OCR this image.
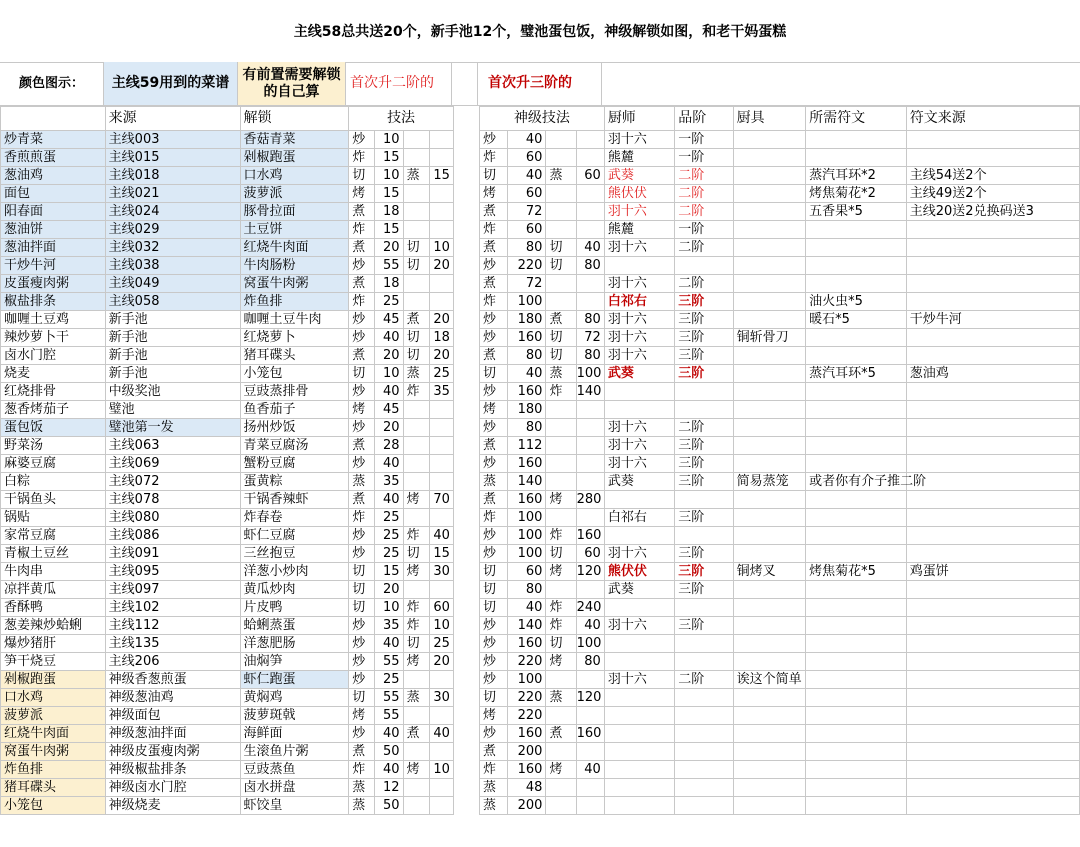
主线58总共送20个，新手池12个，璧池蛋包饭，神级解锁如图，和老干妈蛋糕
颜色图示：	主线59用到的菜谱
有前置需要解锁的自己算
首次升二阶的	首次升三阶的
	来源	解锁	技法					神级技法				厨师	品阶	厨具	所需符文	符文来源
炒青菜	主线003	香菇青菜	炒	10				炒	40			羽十六	一阶			
香煎煎蛋	主线015	剁椒跑蛋	炸	15				炸	60			熊麓	一阶			
葱油鸡	主线018	口水鸡	切	10	蒸	15		切	40	蒸	60	武葵	二阶		蒸汽耳环*2	主线54送2个
面包	主线021	菠萝派	烤	15				烤	60			熊伏伏	二阶		烤焦菊花*2	主线49送2个
阳春面	主线024	豚骨拉面	煮	18				煮	72			羽十六	二阶		五香果*5	主线20送2兑换码送3
葱油饼	主线029	土豆饼	炸	15				炸	60			熊麓	一阶			
葱油拌面	主线032	红烧牛肉面	煮	20	切	10		煮	80	切	40	羽十六	二阶			
干炒牛河	主线038	牛肉肠粉	炒	55	切	20		炒	220	切	80					
皮蛋瘦肉粥	主线049	窝蛋牛肉粥	煮	18				煮	72			羽十六	二阶			
椒盐排条	主线058	炸鱼排	炸	25				炸	100			白祁右	三阶		油火虫*5	
咖喱土豆鸡	新手池	咖喱土豆牛肉	炒	45	煮	20		炒	180	煮	80	羽十六	三阶		暖石*5	干炒牛河
辣炒萝卜干	新手池	红烧萝卜	炒	40	切	18		炒	160	切	72	羽十六	三阶	铜斩骨刀		
卤水门腔	新手池	猪耳碟头	煮	20	切	20		煮	80	切	80	羽十六	三阶			
烧麦	新手池	小笼包	切	10	蒸	25		切	40	蒸	100	武葵	三阶		蒸汽耳环*5	葱油鸡
红烧排骨	中级奖池	豆豉蒸排骨	炒	40	炸	35		炒	160	炸	140					
葱香烤茄子	璧池	鱼香茄子	烤	45				烤	180							
蛋包饭	璧池第一发	扬州炒饭	炒	20				炒	80			羽十六	二阶			
野菜汤	主线063	青菜豆腐汤	煮	28				煮	112			羽十六	三阶			
麻婆豆腐	主线069	蟹粉豆腐	炒	40				炒	160			羽十六	三阶			
白粽	主线072	蛋黄粽	蒸	35				蒸	140			武葵	三阶	简易蒸笼	或者你有介子推二阶	
干锅鱼头	主线078	干锅香辣虾	煮	40	烤	70		煮	160	烤	280					
锅贴	主线080	炸春卷	炸	25				炸	100			白祁右	三阶			
家常豆腐	主线086	虾仁豆腐	炒	25	炸	40		炒	100	炸	160					
青椒土豆丝	主线091	三丝抱豆	炒	25	切	15		炒	100	切	60	羽十六	三阶			
牛肉串	主线095	洋葱小炒肉	切	15	烤	30		切	60	烤	120	熊伏伏	三阶	铜烤叉	烤焦菊花*5	鸡蛋饼
凉拌黄瓜	主线097	黄瓜炒肉	切	20				切	80			武葵	三阶			
香酥鸭	主线102	片皮鸭	切	10	炸	60		切	40	炸	240					
葱姜辣炒蛤蜊	主线112	蛤蜊蒸蛋	炒	35	炸	10		炒	140	炸	40	羽十六	三阶			
爆炒猪肝	主线135	洋葱肥肠	炒	40	切	25		炒	160	切	100					
笋干烧豆	主线206	油焖笋	炒	55	烤	20		炒	220	烤	80					
剁椒跑蛋	神级香葱煎蛋	虾仁跑蛋	炒	25				炒	100			羽十六	二阶	诶这个简单		
口水鸡	神级葱油鸡	黄焖鸡	切	55	蒸	30		切	220	蒸	120					
菠萝派	神级面包	菠萝斑戟	烤	55				烤	220							
红烧牛肉面	神级葱油拌面	海鲜面	炒	40	煮	40		炒	160	煮	160					
窝蛋牛肉粥	神级皮蛋瘦肉粥	生滚鱼片粥	煮	50				煮	200							
炸鱼排	神级椒盐排条	豆豉蒸鱼	炸	40	烤	10		炸	160	烤	40					
猪耳碟头	神级卤水门腔	卤水拼盘	蒸	12				蒸	48							
小笼包	神级烧麦	虾饺皇	蒸	50				蒸	200							
